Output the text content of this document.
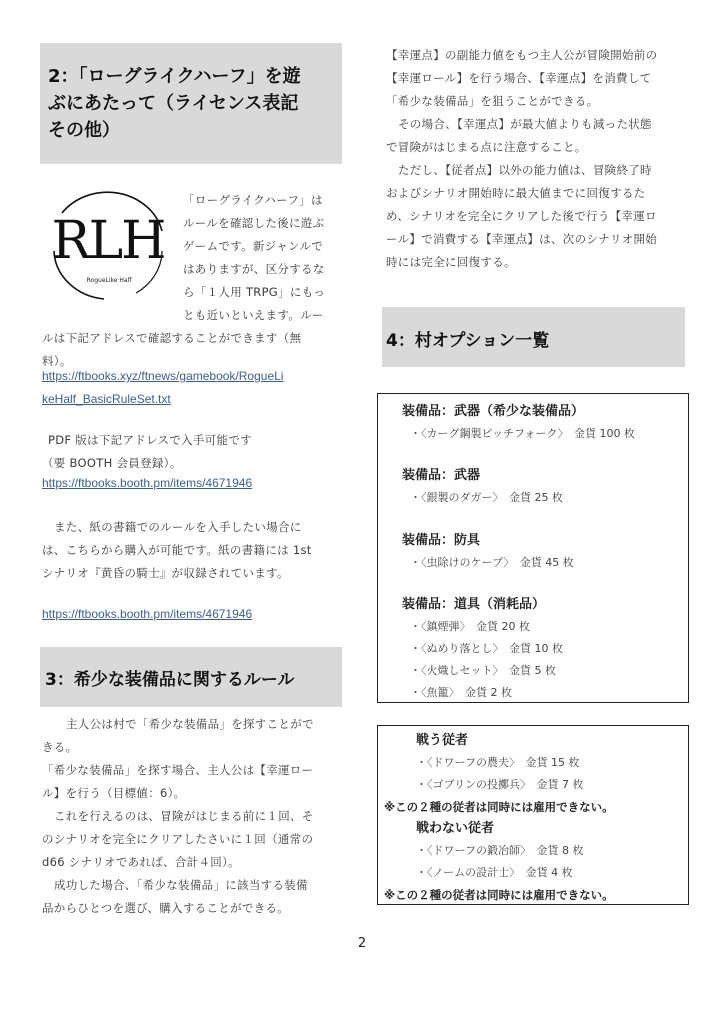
2：「ローグライクハーフ」を遊
ぶにあたって（ライセンス表記
その他）
RLH
RogueLike·Half
「ローグライクハーフ」は
ルールを確認した後に遊ぶ
ゲームです。新ジャンルで
はありますが、区分するな
ら「１人用 TRPG」にもっ
とも近いといえます。ルー
ルは下記アドレスで確認することができます（無
料）。
https://ftbooks.xyz/ftnews/gamebook/RogueLi
keHalf_BasicRuleSet.txt
PDF 版は下記アドレスで入手可能です
（要 BOOTH 会員登録）。
https://ftbooks.booth.pm/items/4671946
また、紙の書籍でのルールを入手したい場合に
は、こちらから購入が可能です。紙の書籍には 1st
シナリオ『黄昏の騎士』が収録されています。
https://ftbooks.booth.pm/items/4671946
3：希少な装備品に関するルール
主人公は村で「希少な装備品」を探すことがで
きる。
「希少な装備品」を探す場合、主人公は【幸運ロー
ル】を行う（目標値：6）。
これを行えるのは、冒険がはじまる前に１回、そ
のシナリオを完全にクリアしたさいに１回（通常の
d66 シナリオであれば、合計４回）。
成功した場合、「希少な装備品」に該当する装備
品からひとつを選び、購入することができる。
【幸運点】の副能力値をもつ主人公が冒険開始前の
【幸運ロール】を行う場合、【幸運点】を消費して
「希少な装備品」を狙うことができる。
その場合、【幸運点】が最大値よりも減った状態
で冒険がはじまる点に注意すること。
ただし、【従者点】以外の能力値は、冒険終了時
およびシナリオ開始時に最大値までに回復するた
め、シナリオを完全にクリアした後で行う【幸運ロ
ール】で消費する【幸運点】は、次のシナリオ開始
時には完全に回復する。
4：村オプション一覧
装備品：武器（希少な装備品）
・〈カーグ鋼製ピッチフォーク〉　金貨 100 枚
装備品：武器
・〈銀製のダガー〉　金貨 25 枚
装備品：防具
・〈虫除けのケープ〉　金貨 45 枚
装備品：道具（消耗品）
・〈鎮煙弾〉　金貨 20 枚
・〈ぬめり落とし〉　金貨 10 枚
・〈火熾しセット〉　金貨 5 枚
・〈魚籠〉　金貨 2 枚
戦う従者
・〈ドワーフの農夫〉　金貨 15 枚
・〈ゴブリンの投擲兵〉　金貨 7 枚
※この２種の従者は同時には雇用できない。
戦わない従者
・〈ドワーフの鍛冶師〉　金貨 8 枚
・〈ノームの設計士〉　金貨 4 枚
※この２種の従者は同時には雇用できない。
2
